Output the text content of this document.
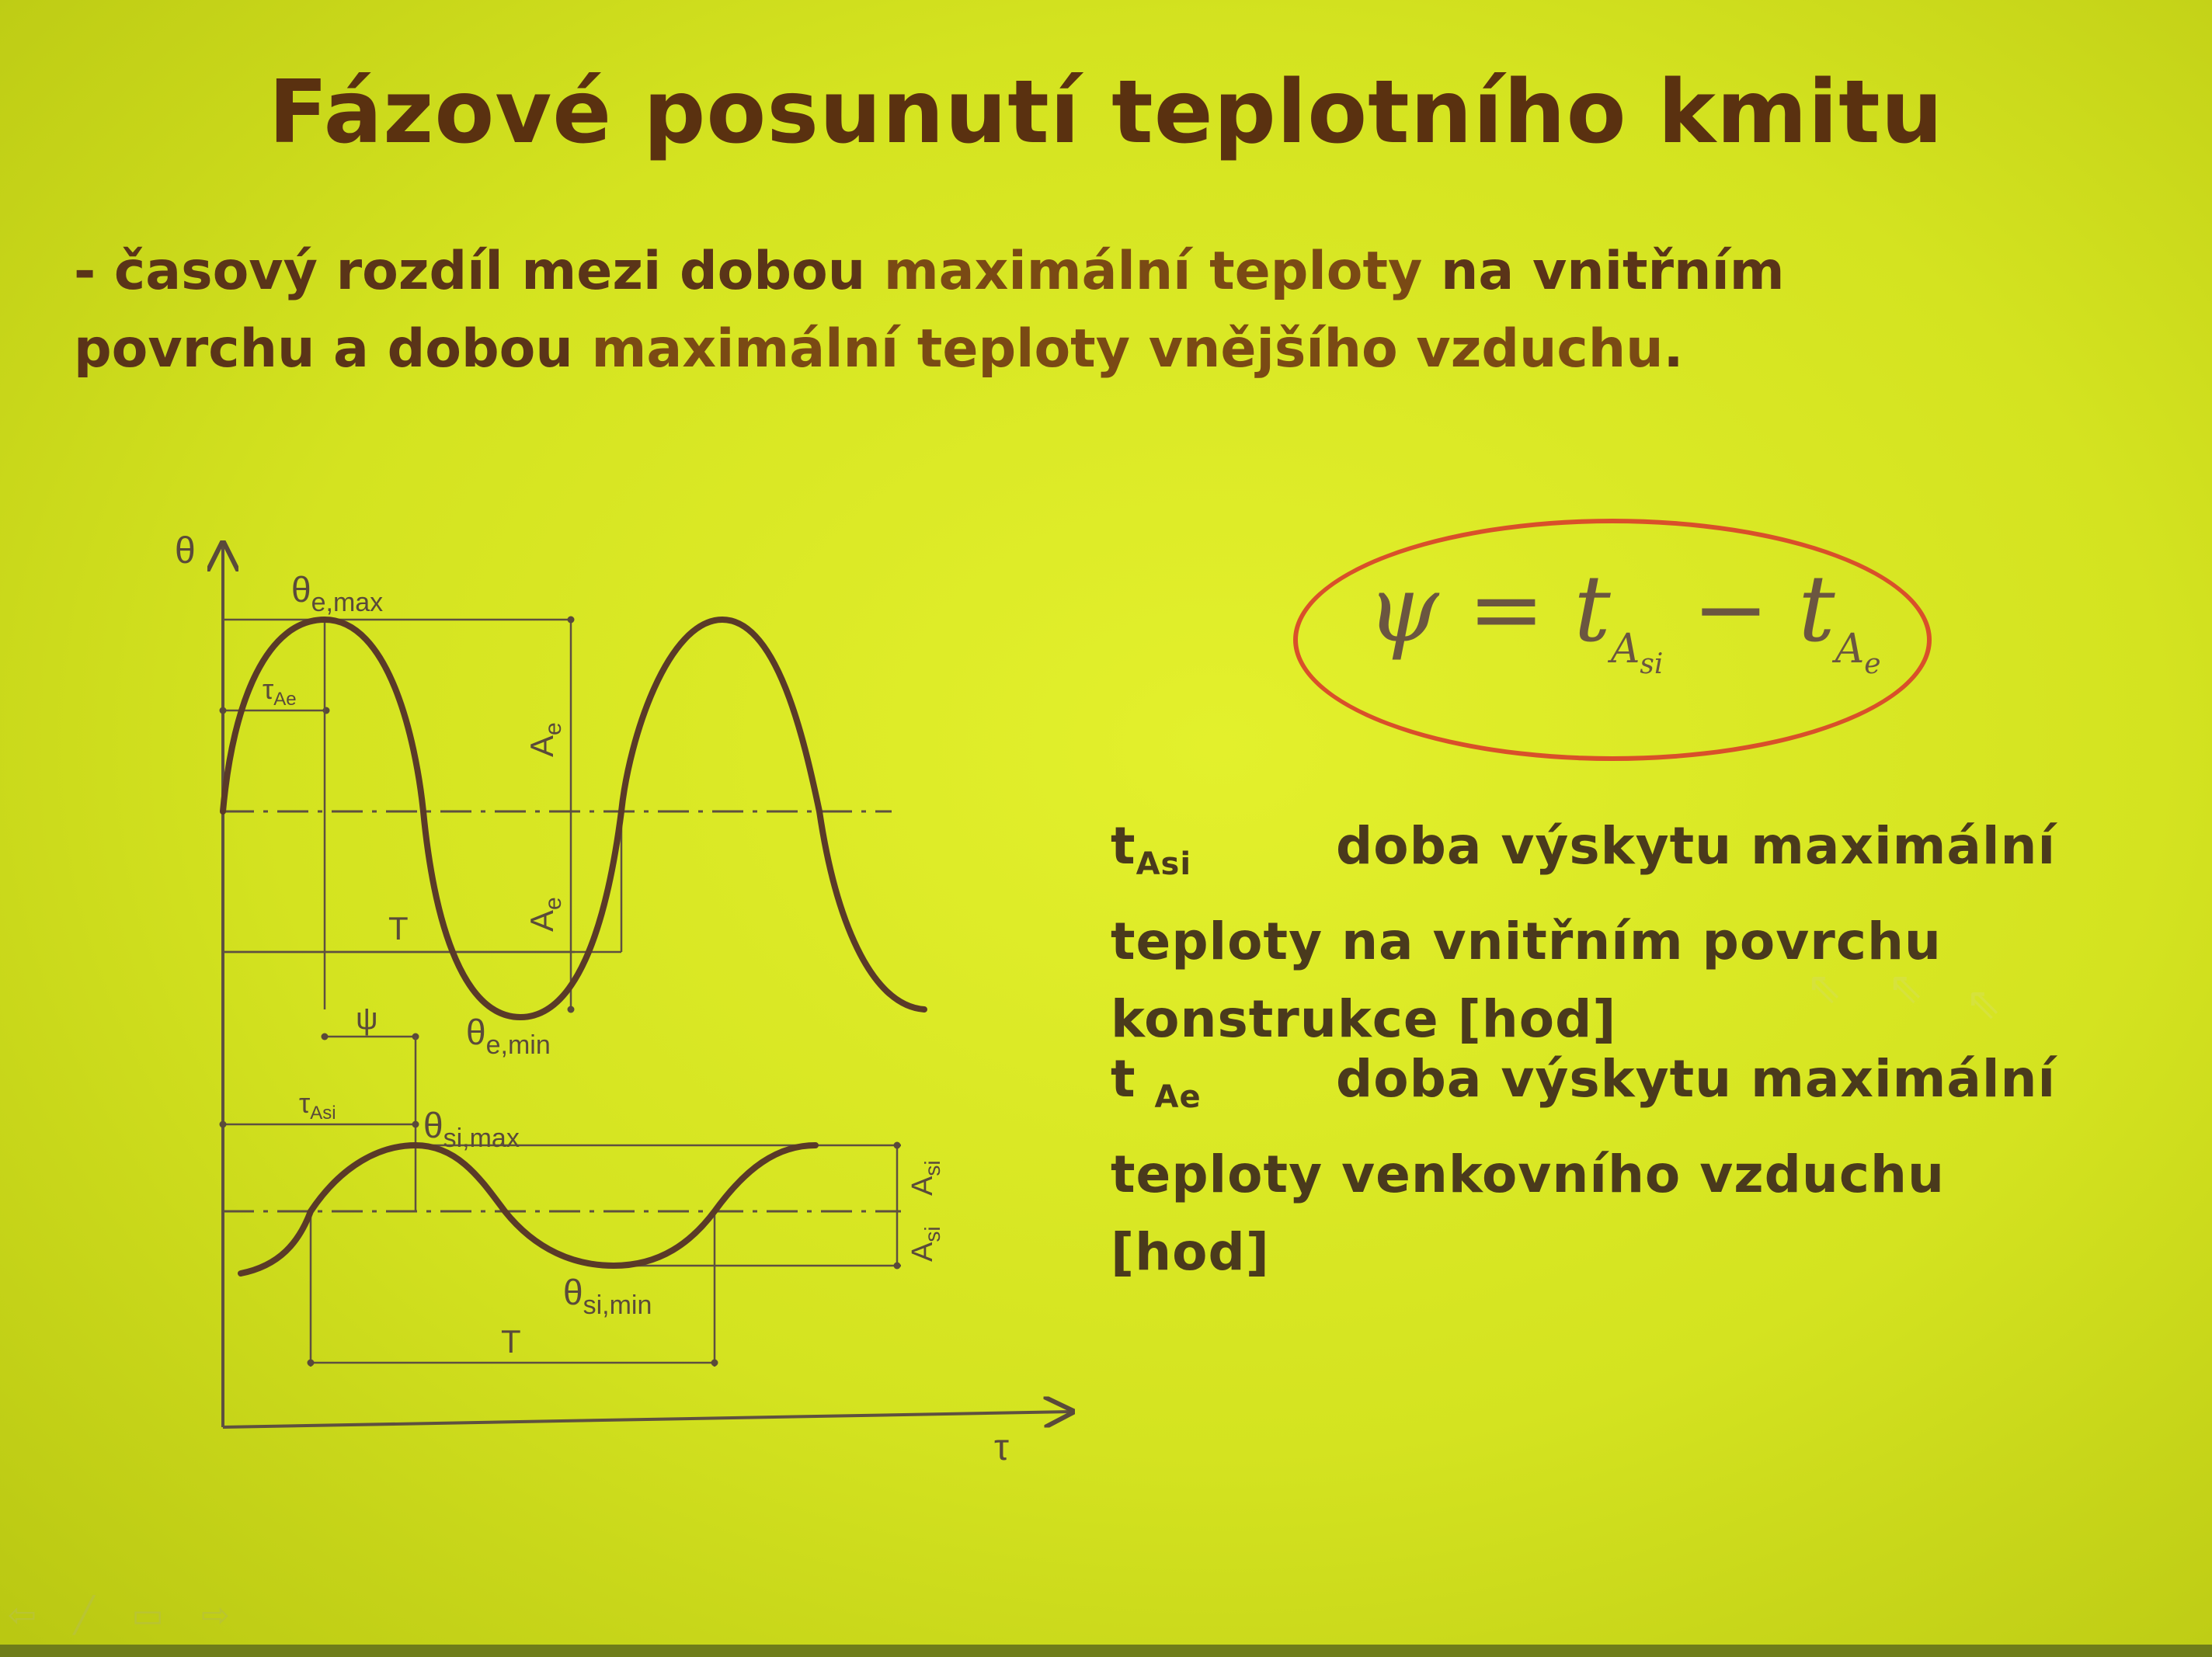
Fázové posunutí teplotního kmitu
- časový rozdíl mezi dobou maximální teploty na vnitřním
povrchu a dobou maximální teploty vnějšího vzduchu.
θ
τ
$\theta_{e,max}$
$\theta_{e,min}$
$\theta_{si,max}$
$\theta_{si,min}$
$\tau_{Ae}$
$\tau_{Asi}$
ψ
T
T
$A_e$
$A_e$
$A_{si}$
$A_{si}$
$\psi = t_{A_{si}} - t_{A_e}$
$t_{Asi}$	doba výskytu maximální
teploty na vnitřním povrchu
konstrukce [hod]
t $_{Ae}$	doba výskytu maximální
teploty venkovního vzduchu
[hod]
⇖ ⇖ ⇖
⇦ ╱ ▭ ⇨
